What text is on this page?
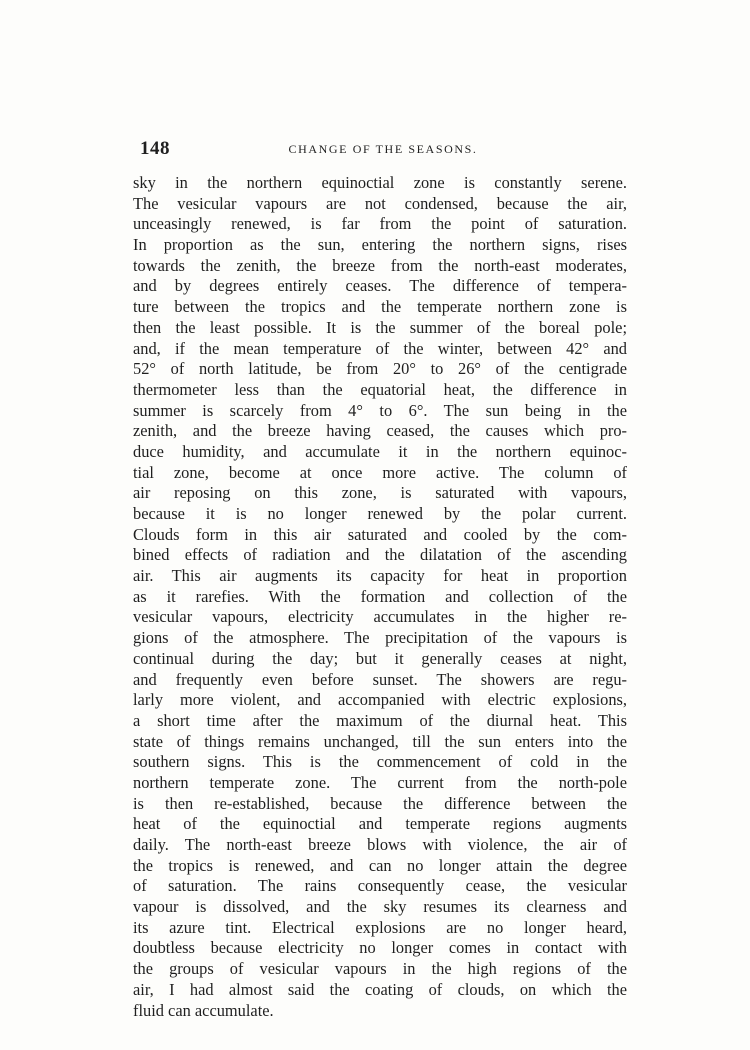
148	CHANGE OF THE SEASONS.
sky in the northern equinoctial zone is constantly serene.
The vesicular vapours are not condensed, because the air,
unceasingly renewed, is far from the point of saturation.
In proportion as the sun, entering the northern signs, rises
towards the zenith, the breeze from the north-east moderates,
and by degrees entirely ceases. The difference of tempera-
ture between the tropics and the temperate northern zone is
then the least possible. It is the summer of the boreal pole;
and, if the mean temperature of the winter, between 42° and
52° of north latitude, be from 20° to 26° of the centigrade
thermometer less than the equatorial heat, the difference in
summer is scarcely from 4° to 6°. The sun being in the
zenith, and the breeze having ceased, the causes which pro-
duce humidity, and accumulate it in the northern equinoc-
tial zone, become at once more active. The column of
air reposing on this zone, is saturated with vapours,
because it is no longer renewed by the polar current.
Clouds form in this air saturated and cooled by the com-
bined effects of radiation and the dilatation of the ascending
air. This air augments its capacity for heat in proportion
as it rarefies. With the formation and collection of the
vesicular vapours, electricity accumulates in the higher re-
gions of the atmosphere. The precipitation of the vapours is
continual during the day; but it generally ceases at night,
and frequently even before sunset. The showers are regu-
larly more violent, and accompanied with electric explosions,
a short time after the maximum of the diurnal heat. This
state of things remains unchanged, till the sun enters into the
southern signs. This is the commencement of cold in the
northern temperate zone. The current from the north-pole
is then re-established, because the difference between the
heat of the equinoctial and temperate regions augments
daily. The north-east breeze blows with violence, the air of
the tropics is renewed, and can no longer attain the degree
of saturation. The rains consequently cease, the vesicular
vapour is dissolved, and the sky resumes its clearness and
its azure tint. Electrical explosions are no longer heard,
doubtless because electricity no longer comes in contact with
the groups of vesicular vapours in the high regions of the
air, I had almost said the coating of clouds, on which the
fluid can accumulate.
